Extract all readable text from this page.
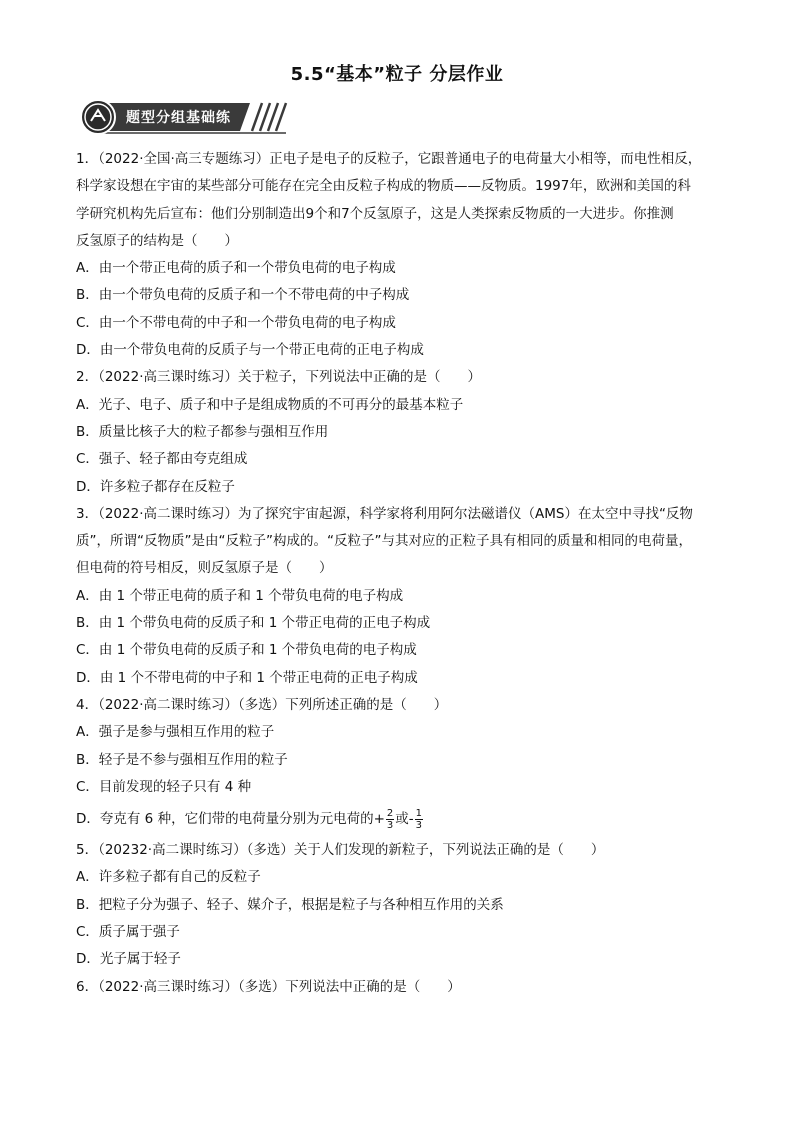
5.5“基本”粒子 分层作业
题型分组基础练
1．（2022·全国·高三专题练习）正电子是电子的反粒子，它跟普通电子的电荷量大小相等，而电性相反，
科学家设想在宇宙的某些部分可能存在完全由反粒子构成的物质——反物质。1997年，欧洲和美国的科
学研究机构先后宣布：他们分别制造出9个和7个反氢原子，这是人类探索反物质的一大进步。你推测
反氢原子的结构是（　　）
A．由一个带正电荷的质子和一个带负电荷的电子构成
B．由一个带负电荷的反质子和一个不带电荷的中子构成
C．由一个不带电荷的中子和一个带负电荷的电子构成
D．由一个带负电荷的反质子与一个带正电荷的正电子构成
2．（2022·高三课时练习）关于粒子，下列说法中正确的是（　　）
A．光子、电子、质子和中子是组成物质的不可再分的最基本粒子
B．质量比核子大的粒子都参与强相互作用
C．强子、轻子都由夸克组成
D．许多粒子都存在反粒子
3．（2022·高二课时练习）为了探究宇宙起源，科学家将利用阿尔法磁谱仪（AMS）在太空中寻找“反物
质”，所谓“反物质”是由“反粒子”构成的。“反粒子”与其对应的正粒子具有相同的质量和相同的电荷量，
但电荷的符号相反，则反氢原子是（　　）
A．由 1 个带正电荷的质子和 1 个带负电荷的电子构成
B．由 1 个带负电荷的反质子和 1 个带正电荷的正电子构成
C．由 1 个带负电荷的反质子和 1 个带负电荷的电子构成
D．由 1 个不带电荷的中子和 1 个带正电荷的正电子构成
4．（2022·高二课时练习）（多选）下列所述正确的是（　　）
A．强子是参与强相互作用的粒子
B．轻子是不参与强相互作用的粒子
C．目前发现的轻子只有 4 种
D．夸克有 6 种，它们带的电荷量分别为元电荷的+ $\frac{2}{3}$ 或- $\frac{1}{3}$
5．（20232·高二课时练习）（多选）关于人们发现的新粒子，下列说法正确的是（　　）
A．许多粒子都有自己的反粒子
B．把粒子分为强子、轻子、媒介子，根据是粒子与各种相互作用的关系
C．质子属于强子
D．光子属于轻子
6．（2022·高三课时练习）（多选）下列说法中正确的是（　　）
